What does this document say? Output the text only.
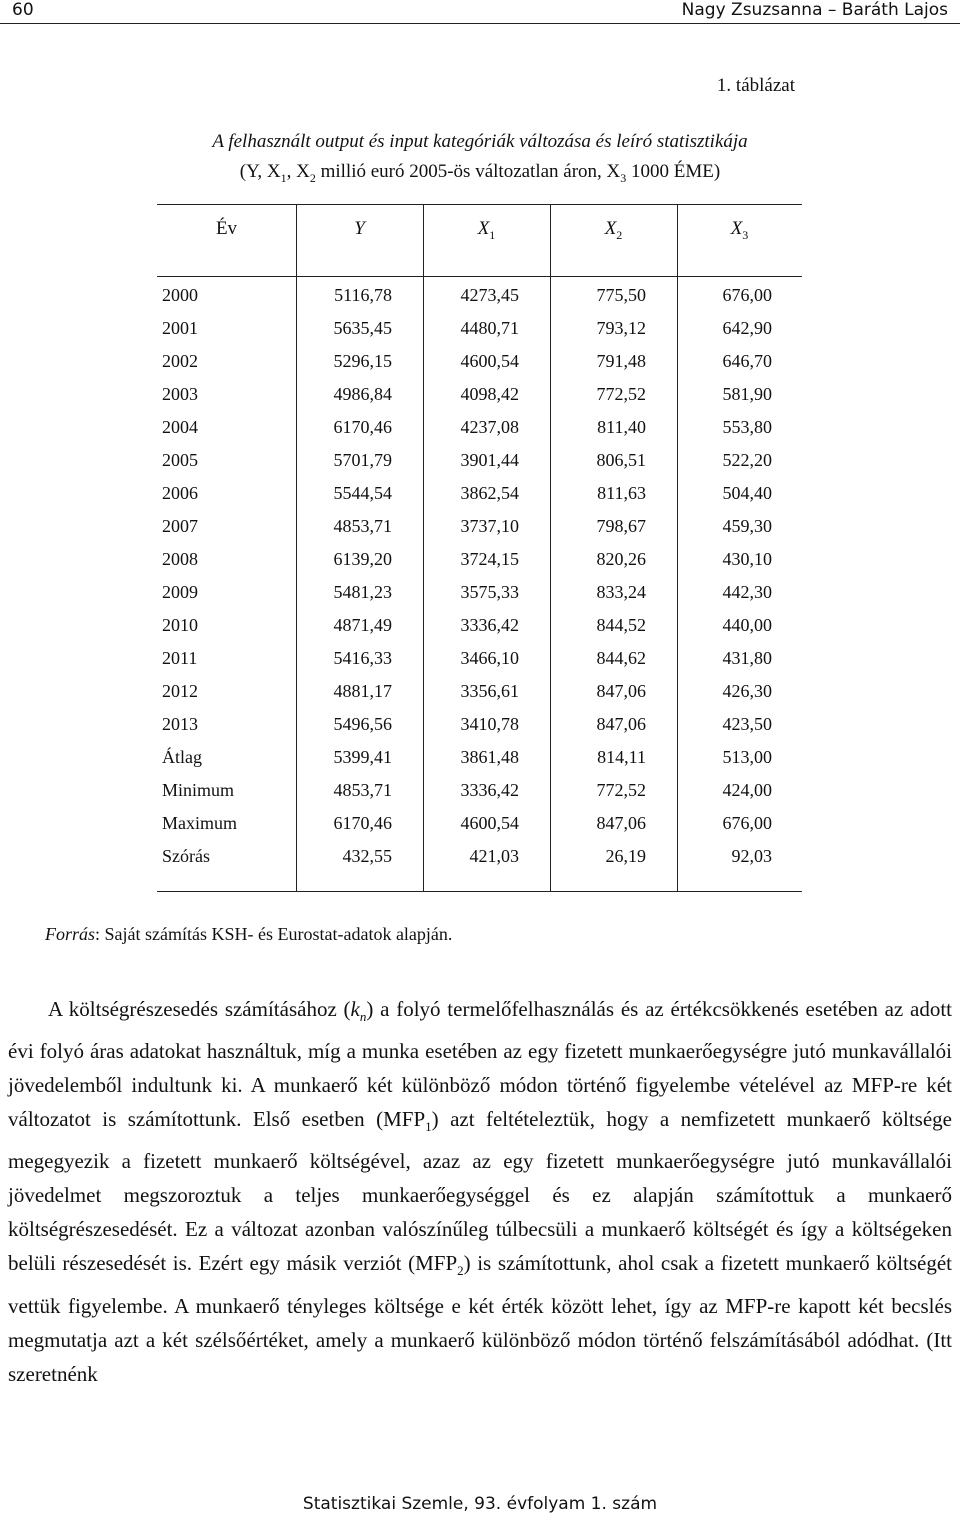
60	Nagy Zsuzsanna – Baráth Lajos
1. táblázat
A felhasznált output és input kategóriák változása és leíró statisztikája
(Y, $X_1$, $X_2$ millió euró 2005-ös változatlan áron, $X_3$ 1000 ÉME)
Év	Y	$X_1$	$X_2$	$X_3$
2000	5116,78	4273,45	775,50	676,00
2001	5635,45	4480,71	793,12	642,90
2002	5296,15	4600,54	791,48	646,70
2003	4986,84	4098,42	772,52	581,90
2004	6170,46	4237,08	811,40	553,80
2005	5701,79	3901,44	806,51	522,20
2006	5544,54	3862,54	811,63	504,40
2007	4853,71	3737,10	798,67	459,30
2008	6139,20	3724,15	820,26	430,10
2009	5481,23	3575,33	833,24	442,30
2010	4871,49	3336,42	844,52	440,00
2011	5416,33	3466,10	844,62	431,80
2012	4881,17	3356,61	847,06	426,30
2013	5496,56	3410,78	847,06	423,50
Átlag	5399,41	3861,48	814,11	513,00
Minimum	4853,71	3336,42	772,52	424,00
Maximum	6170,46	4600,54	847,06	676,00
Szórás	432,55	421,03	26,19	92,03
Forrás: Saját számítás KSH- és Eurostat-adatok alapján.

A költségrészesedés számításához $(k_n)$ a folyó termelőfelhasználás és az értékcsökkenés esetében az adott évi folyó áras adatokat használtuk, míg a munka esetében az egy fizetett munkaerőegységre jutó munkavállalói jövedelemből indultunk ki. A munkaerő két különböző módon történő figyelembe vételével az MFP-re két változatot is számítottunk. Első esetben $(MFP_1)$ azt feltételeztük, hogy a nemfizetett munkaerő költsége megegyezik a fizetett munkaerő költségével, azaz az egy fizetett munkaerőegységre jutó munkavállalói jövedelmet megszoroztuk a teljes munkaerőegységgel és ez alapján számítottuk a munkaerő költségrészesedését. Ez a változat azonban valószínűleg túlbecsüli a munkaerő költségét és így a költségeken belüli részesedését is. Ezért egy másik verziót $(MFP_2)$ is számítottunk, ahol csak a fizetett munkaerő költségét vettük figyelembe. A munkaerő tényleges költsége e két érték között lehet, így az MFP-re kapott két becslés megmutatja azt a két szélsőértéket, amely a munkaerő különböző módon történő felszámításából adódhat. (Itt szeretnénk

Statisztikai Szemle, 93. évfolyam 1. szám
